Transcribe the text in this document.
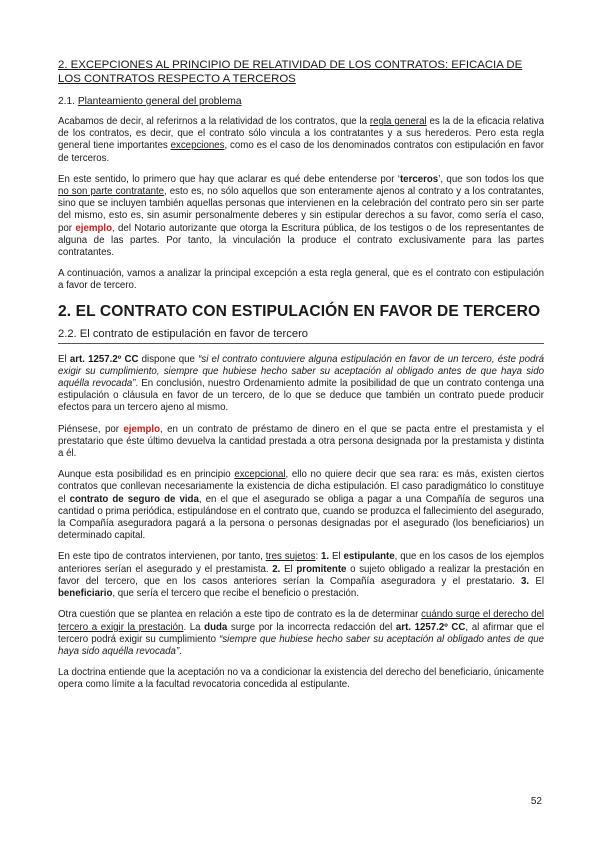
2. EXCEPCIONES AL PRINCIPIO DE RELATIVIDAD DE LOS CONTRATOS: EFICACIA DE LOS CONTRATOS RESPECTO A TERCEROS
2.1. Planteamiento general del problema

Acabamos de decir, al referirnos a la relatividad de los contratos, que la regla general es la de la eficacia relativa de los contratos, es decir, que el contrato sólo vincula a los contratantes y a sus herederos. Pero esta regla general tiene importantes excepciones, como es el caso de los denominados contratos con estipulación en favor de terceros.

En este sentido, lo primero que hay que aclarar es qué debe entenderse por ‘terceros’, que son todos los que no son parte contratante, esto es, no sólo aquellos que son enteramente ajenos al contrato y a los contratantes, sino que se incluyen también aquellas personas que intervienen en la celebración del contrato pero sin ser parte del mismo, esto es, sin asumir personalmente deberes y sin estipular derechos a su favor, como sería el caso, por ejemplo, del Notario autorizante que otorga la Escritura pública, de los testigos o de los representantes de alguna de las partes. Por tanto, la vinculación la produce el contrato exclusivamente para las partes contratantes.

A continuación, vamos a analizar la principal excepción a esta regla general, que es el contrato con estipulación a favor de tercero.

2. EL CONTRATO CON ESTIPULACIÓN EN FAVOR DE TERCERO
2.2. El contrato de estipulación en favor de tercero

El art. 1257.2º CC dispone que “si el contrato contuviere alguna estipulación en favor de un tercero, éste podrá exigir su cumplimiento, siempre que hubiese hecho saber su aceptación al obligado antes de que haya sido aquélla revocada”. En conclusión, nuestro Ordenamiento admite la posibilidad de que un contrato contenga una estipulación o cláusula en favor de un tercero, de lo que se deduce que también un contrato puede producir efectos para un tercero ajeno al mismo.

Piénsese, por ejemplo, en un contrato de préstamo de dinero en el que se pacta entre el prestamista y el prestatario que éste último devuelva la cantidad prestada a otra persona designada por la prestamista y distinta a él.

Aunque esta posibilidad es en principio excepcional, ello no quiere decir que sea rara: es más, existen ciertos contratos que conllevan necesariamente la existencia de dicha estipulación. El caso paradigmático lo constituye el contrato de seguro de vida, en el que el asegurado se obliga a pagar a una Compañía de seguros una cantidad o prima periódica, estipulándose en el contrato que, cuando se produzca el fallecimiento del asegurado, la Compañía aseguradora pagará a la persona o personas designadas por el asegurado (los beneficiarios) un determinado capital.

En este tipo de contratos intervienen, por tanto, tres sujetos: 1. El estipulante, que en los casos de los ejemplos anteriores serían el asegurado y el prestamista. 2. El promitente o sujeto obligado a realizar la prestación en favor del tercero, que en los casos anteriores serían la Compañía aseguradora y el prestatario. 3. El beneficiario, que sería el tercero que recibe el beneficio o prestación.

Otra cuestión que se plantea en relación a este tipo de contrato es la de determinar cuándo surge el derecho del tercero a exigir la prestación. La duda surge por la incorrecta redacción del art. 1257.2º CC, al afirmar que el tercero podrá exigir su cumplimiento “siempre que hubiese hecho saber su aceptación al obligado antes de que haya sido aquélla revocada”.

La doctrina entiende que la aceptación no va a condicionar la existencia del derecho del beneficiario, únicamente opera como límite a la facultad revocatoria concedida al estipulante.

52
